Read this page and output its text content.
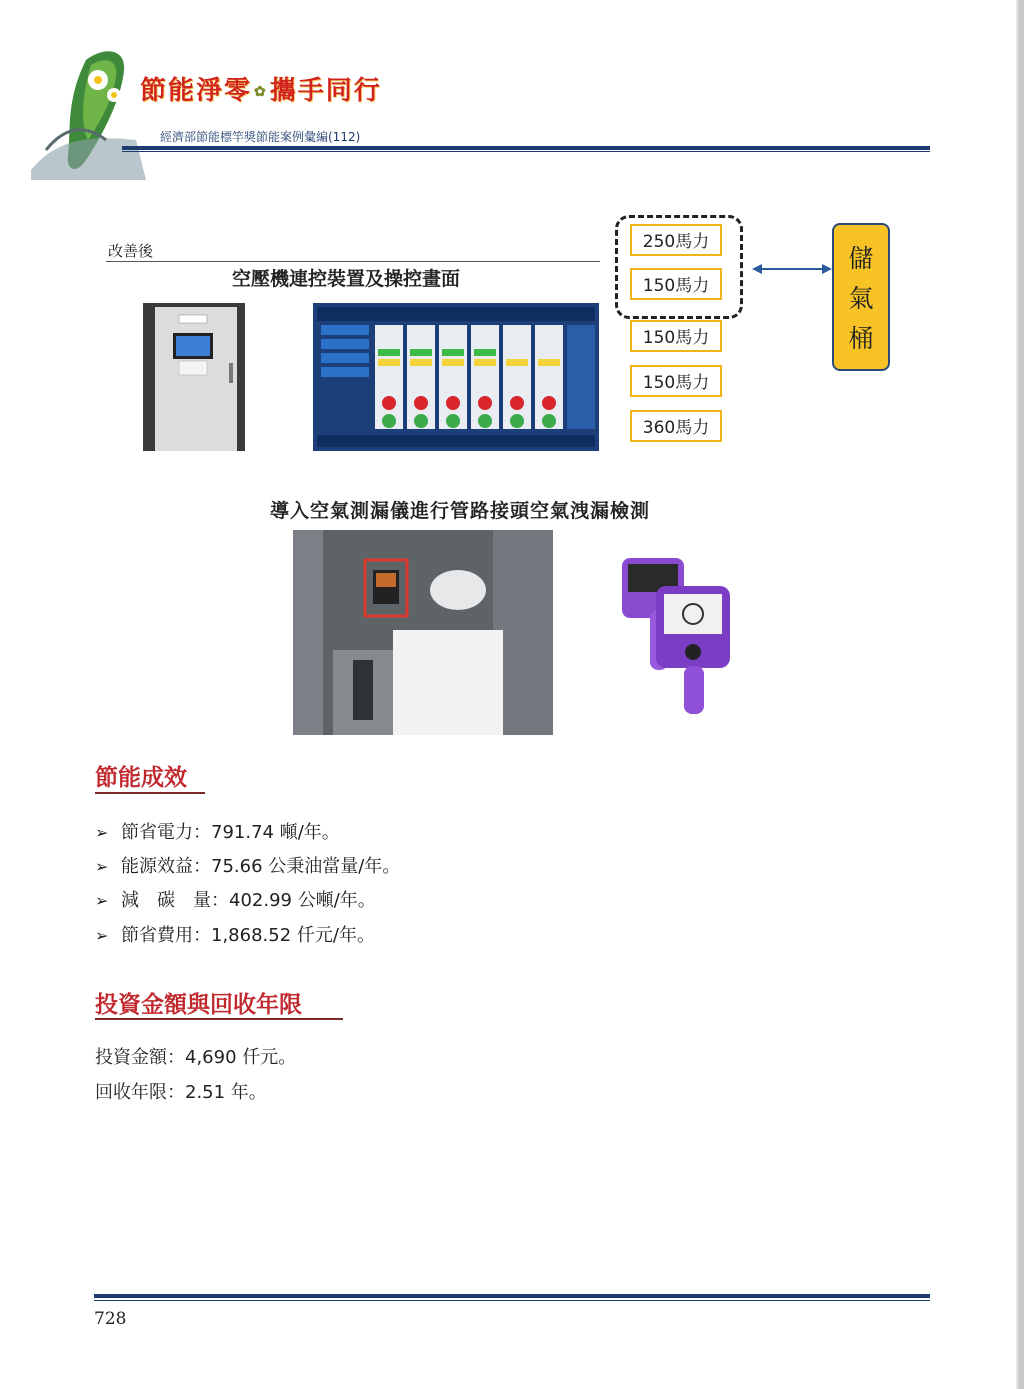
節能淨零 ✿攜手同行
經濟部節能標竿獎節能案例彙編(112)
改善後
空壓機連控裝置及操控畫面
250馬力
150馬力
150馬力
150馬力
360馬力
儲
氣
桶
導入空氣測漏儀進行管路接頭空氣洩漏檢測
節能成效
➢ 節省電力：791.74 噸/年。
➢ 能源效益：75.66 公秉油當量/年。
➢ 減　碳　量：402.99 公噸/年。
➢ 節省費用：1,868.52 仟元/年。
投資金額與回收年限
投資金額：4,690 仟元。
回收年限：2.51 年。
728
